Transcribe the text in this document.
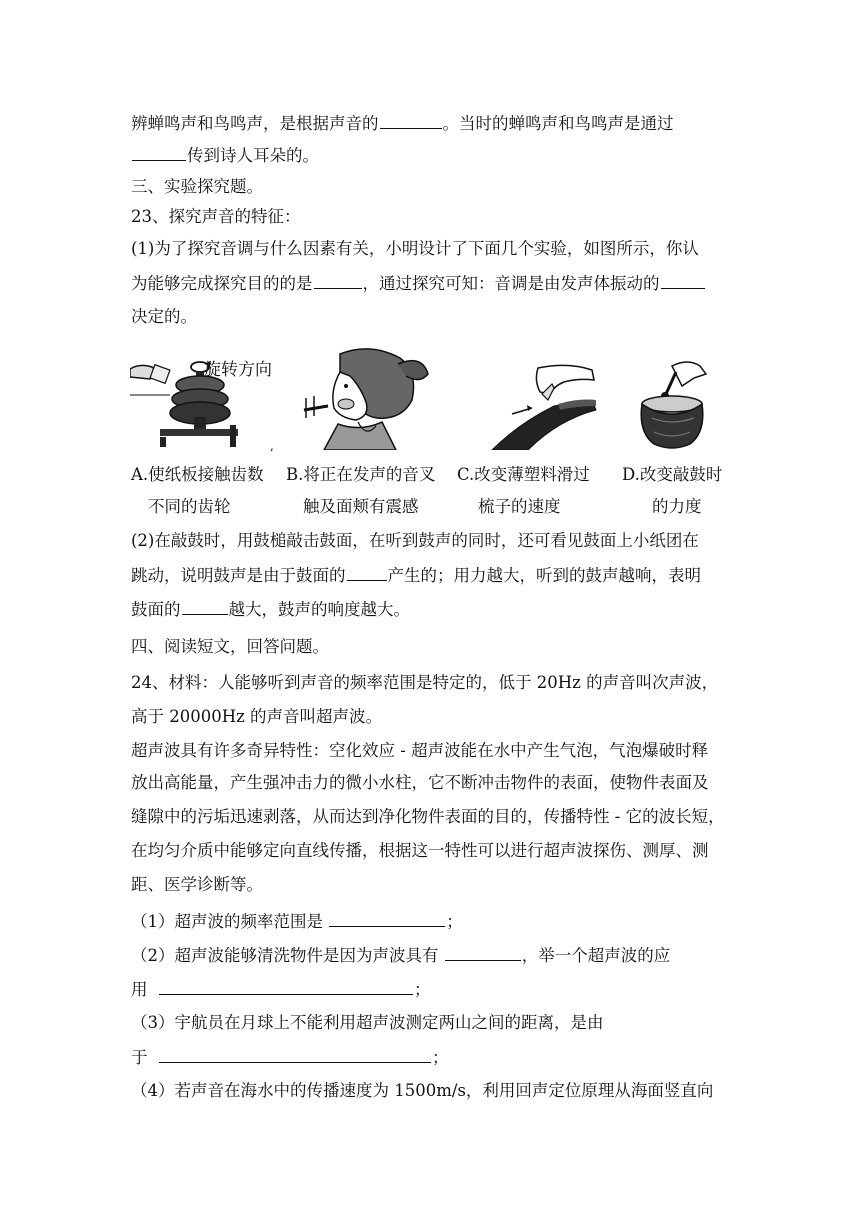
辨蝉鸣声和鸟鸣声，是根据声音的	。当时的蝉鸣声和鸟鸣声是通过
传到诗人耳朵的。
三、实验探究题。
23、探究声音的特征：
(1)为了探究音调与什么因素有关，小明设计了下面几个实验，如图所示，你认
为能够完成探究目的的是	，通过探究可知：音调是由发声体振动的
决定的。
旋转方向
,
A.使纸板接触齿数
不同的齿轮
B.将正在发声的音叉
触及面颊有震感
C.改变薄塑料滑过
梳子的速度
D.改变敲鼓时
的力度
(2)在敲鼓时，用鼓槌敲击鼓面，在听到鼓声的同时，还可看见鼓面上小纸团在
跳动，说明鼓声是由于鼓面的	产生的；用力越大，听到的鼓声越响，表明
鼓面的	越大，鼓声的响度越大。
四、阅读短文，回答问题。
24、材料：人能够听到声音的频率范围是特定的，低于 20Hz 的声音叫次声波，
高于 20000Hz 的声音叫超声波。
超声波具有许多奇异特性：空化效应 - 超声波能在水中产生气泡，气泡爆破时释
放出高能量，产生强冲击力的微小水柱，它不断冲击物件的表面，使物件表面及
缝隙中的污垢迅速剥落，从而达到净化物件表面的目的，传播特性 - 它的波长短，
在均匀介质中能够定向直线传播，根据这一特性可以进行超声波探伤、测厚、测
距、医学诊断等。
（1）超声波的频率范围是	；
（2）超声波能够清洗物件是因为声波具有	，举一个超声波的应
用	；
（3）宇航员在月球上不能利用超声波测定两山之间的距离，是由
于	；
（4）若声音在海水中的传播速度为 1500m/s，利用回声定位原理从海面竖直向
